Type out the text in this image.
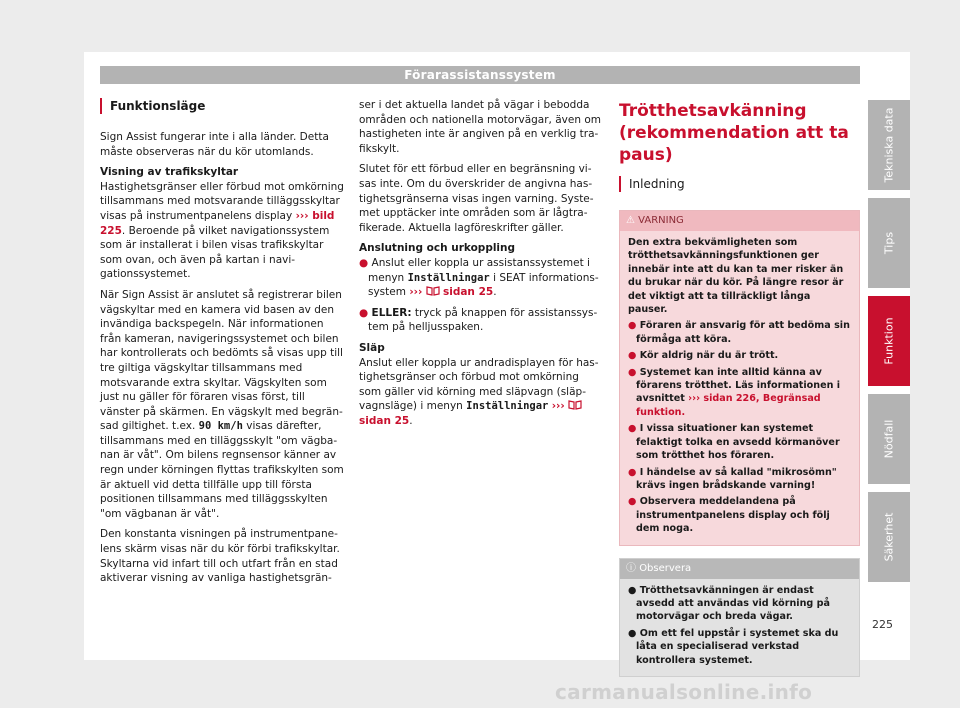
Förarassistanssystem
Funktionsläge

Sign Assist fungerar inte i alla länder. Detta måste observeras när du kör utomlands.

Visning av trafikskyltar

Hastighetsgränser eller förbud mot omkörning tillsammans med motsvarande tilläggsskyltar visas på instrumentpanelens display ››› bild 225. Beroende på vilket navigationssystem som är installerat i bilen visas trafikskyltar som ovan, och även på kartan i navigationssystemet.

När Sign Assist är anslutet så registrerar bilen vägskyltar med en kamera vid basen av den invändiga backspegeln. När informationen från kameran, navigeringssystemet och bilen har kontrollerats och bedömts så visas upp till tre giltiga vägskyltar tillsammans med motsvarande extra skyltar. Vägskylten som just nu gäller för föraren visas först, till vänster på skärmen. En vägskylt med begränsad giltighet. t.ex. 90 km/h visas därefter, tillsammans med en tilläggsskylt "om vägbanan är våt". Om bilens regnsensor känner av regn under körningen flyttas trafikskylten som är aktuell vid detta tillfälle upp till första positionen tillsammans med tilläggsskylten "om vägbanan är våt".

Den konstanta visningen på instrumentpanelens skärm visas när du kör förbi trafikskyltar. Skyltarna vid infart till och utfart från en stad aktiverar visning av vanliga hastighetsgrän-

ser i det aktuella landet på vägar i bebodda områden och nationella motorvägar, även om hastigheten inte är angiven på en verklig trafikskylt.

Slutet för ett förbud eller en begränsning visas inte. Om du överskrider de angivna hastighetsgränserna visas ingen varning. Systemet upptäcker inte områden som är lågtrafikerade. Aktuella lagföreskrifter gäller.

Anslutning och urkoppling

● Anslut eller koppla ur assistanssystemet i menyn Inställningar i SEAT informationssystem ››› sidan 25.

● ELLER: tryck på knappen för assistanssystem på helljusspaken.

Släp

Anslut eller koppla ur andradisplayen för hastighetsgränser och förbud mot omkörning som gäller vid körning med släpvagn (släpvagnsläge) i menyn Inställningar ›››  sidan 25.

Trötthetsavkänning (rekommendation att ta paus)
Inledning
⚠ VARNING

Den extra bekvämligheten som trötthetsavkänningsfunktionen ger innebär inte att du kan ta mer risker än du brukar när du kör. På längre resor är det viktigt att ta tillräckligt långa pauser.

● Föraren är ansvarig för att bedöma sin förmåga att köra.
● Kör aldrig när du är trött.
● Systemet kan inte alltid känna av förarens trötthet. Läs informationen i avsnittet ››› sidan 226, Begränsad funktion.
● I vissa situationer kan systemet felaktigt tolka en avsedd körmanöver som trötthet hos föraren.
● I händelse av så kallad "mikrosömn" krävs ingen brådskande varning!
● Observera meddelandena på instrumentpanelens display och följ dem noga.
ⓘ Observera
● Trötthetsavkänningen är endast avsedd att användas vid körning på motorvägar och breda vägar.
● Om ett fel uppstår i systemet ska du låta en specialiserad verkstad kontrollera systemet.
Tekniska data
Tips
Funktion
Nödfall
Säkerhet
225
carmanualsonline.info
